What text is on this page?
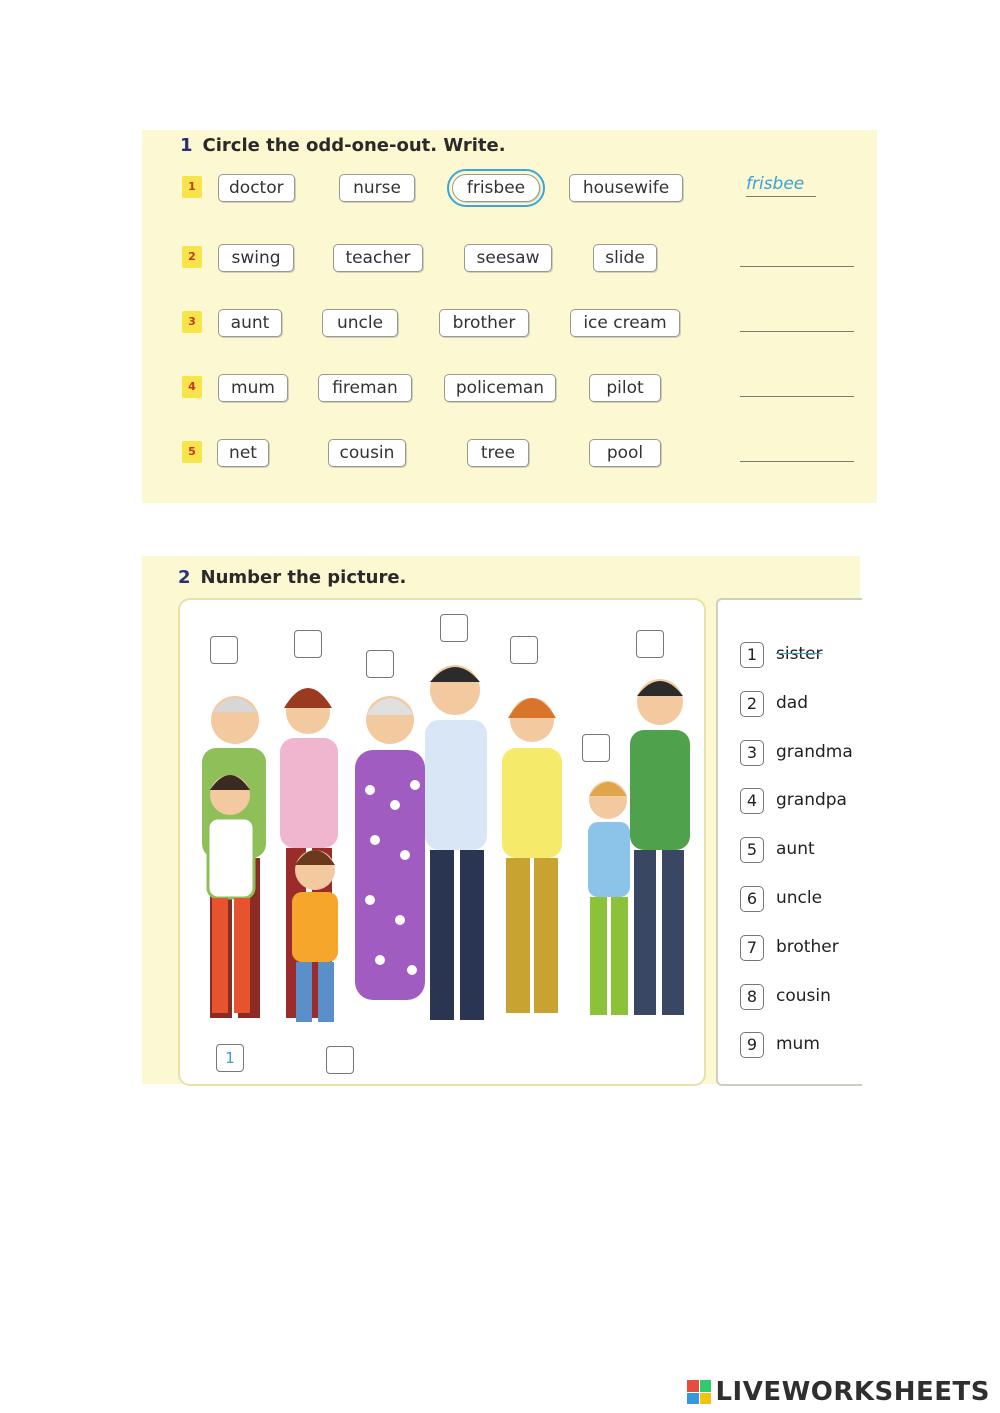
1 Circle the odd-one-out. Write.
1	doctor	nurse	frisbee	housewife	frisbee
2	swing	teacher	seesaw	slide
3	aunt	uncle	brother	ice cream
4	mum	fireman	policeman	pilot
5	net	cousin	tree	pool
2 Number the picture.
1
1	sister
2	dad
3	grandma
4	grandpa
5	aunt
6	uncle
7	brother
8	cousin
9	mum
LIVEWORKSHEETS
